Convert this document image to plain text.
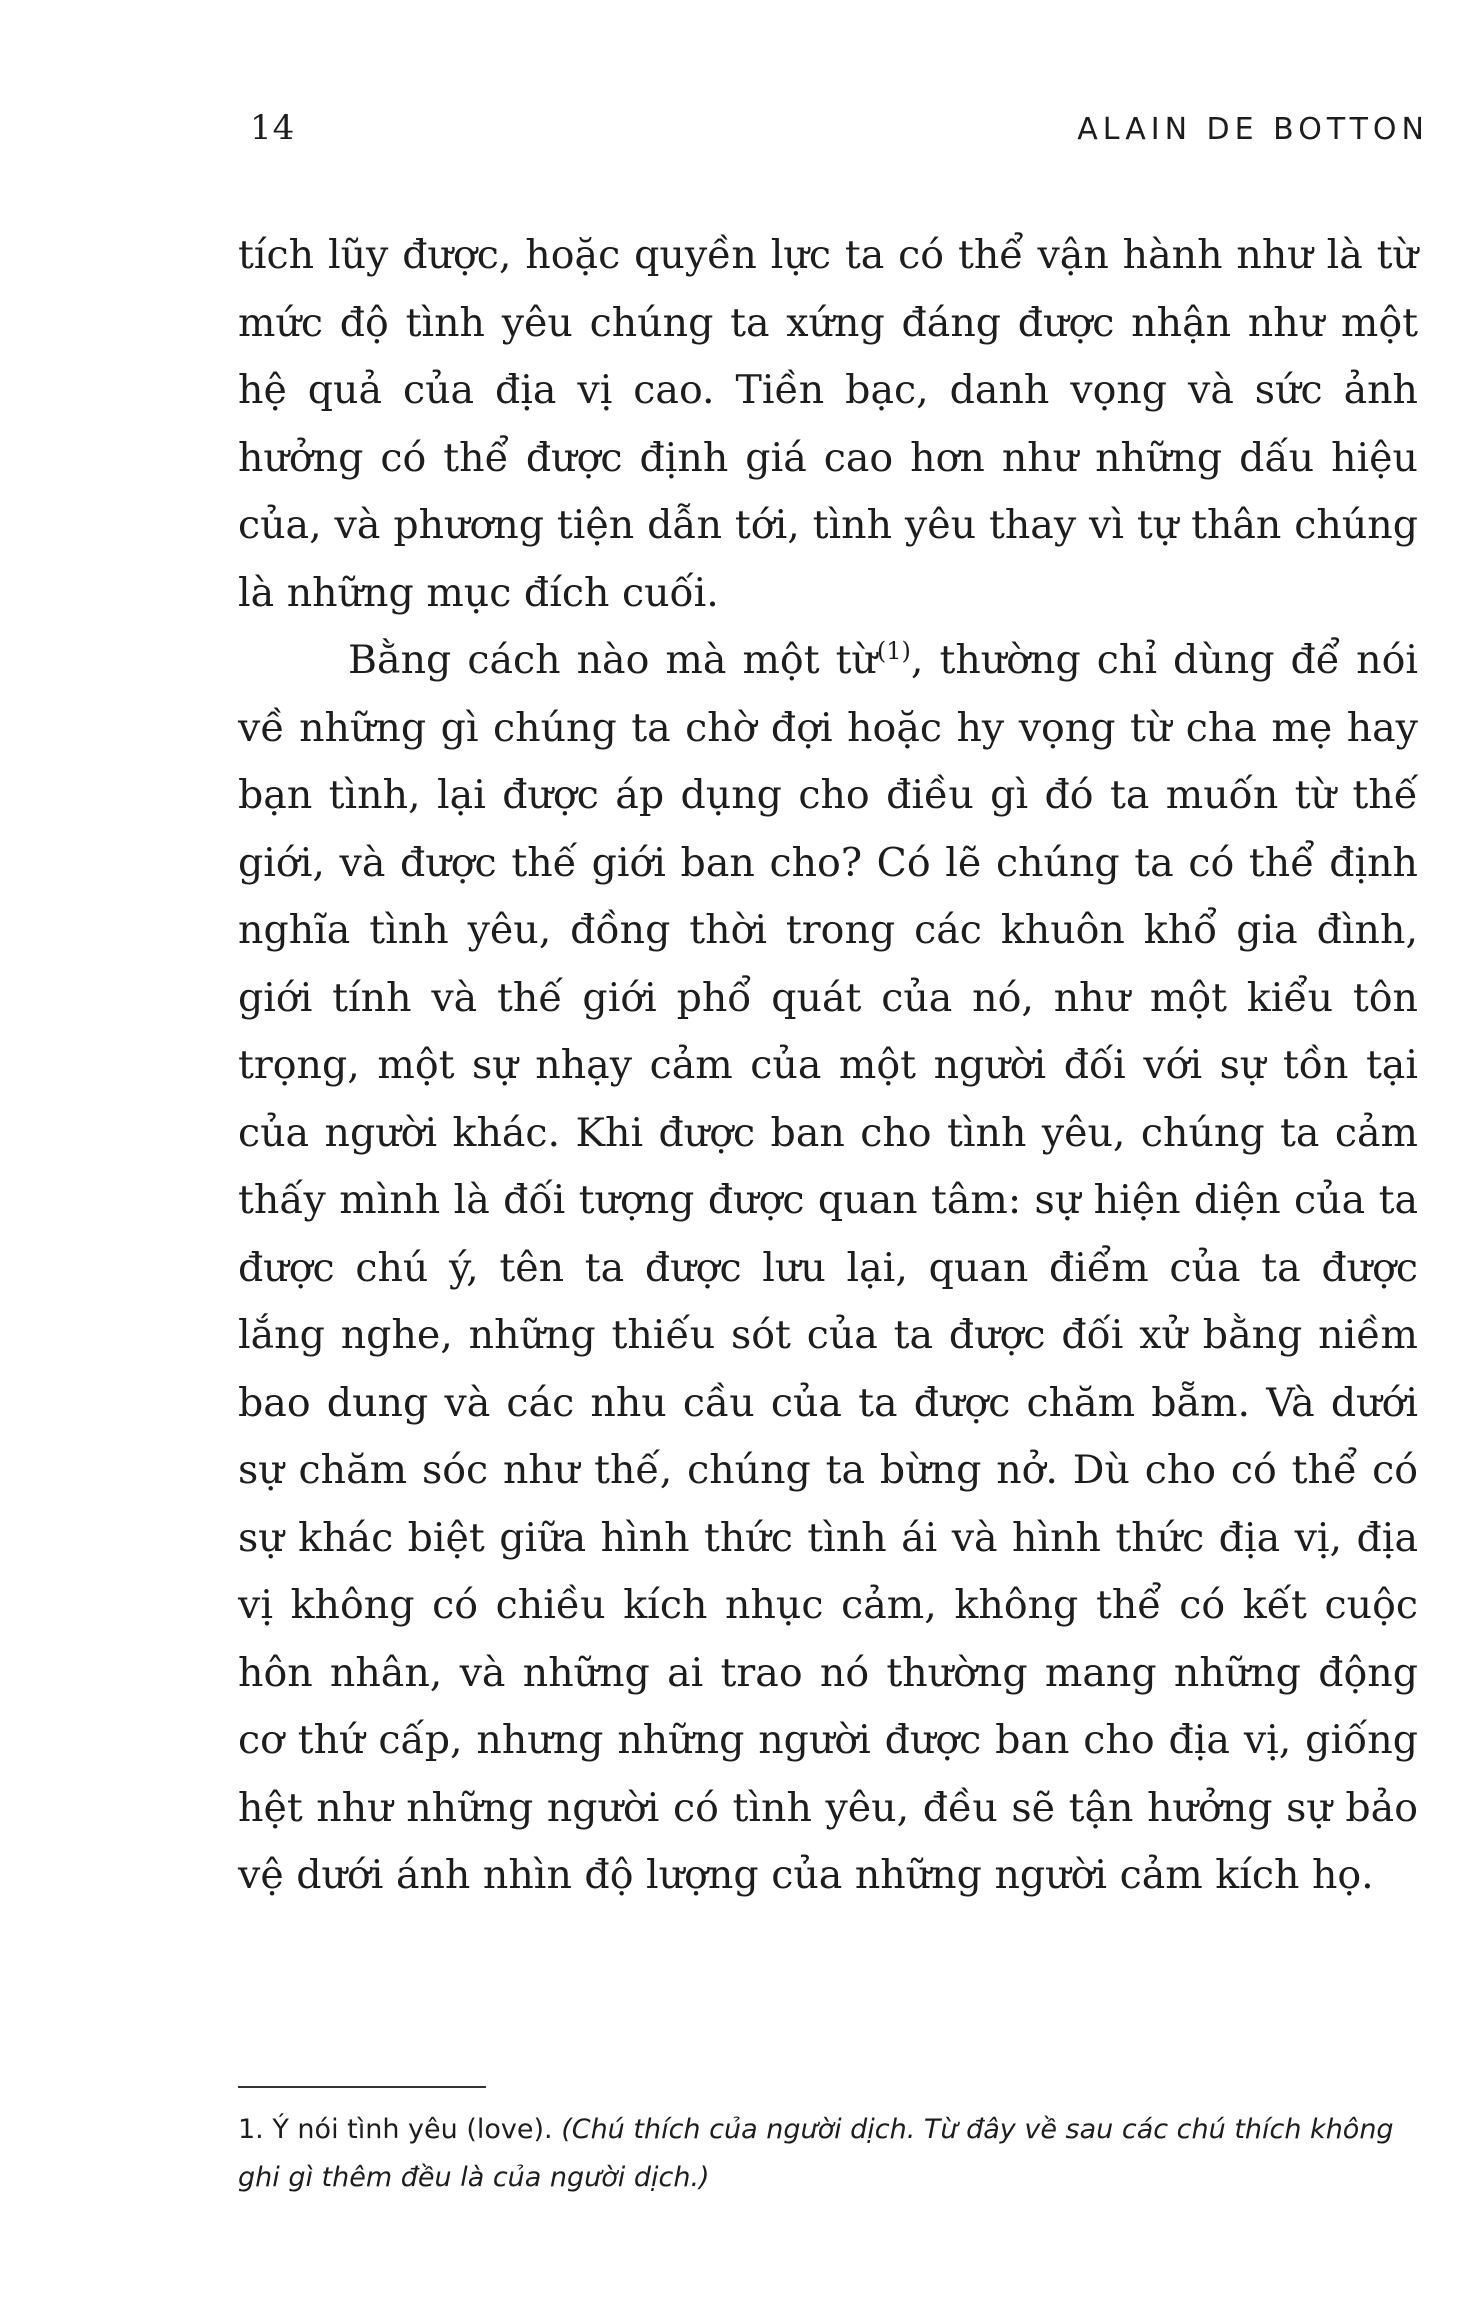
14	ALAIN DE BOTTON

tích lũy được, hoặc quyền lực ta có thể vận hành như là từ mức độ tình yêu chúng ta xứng đáng được nhận như một hệ quả của địa vị cao. Tiền bạc, danh vọng và sức ảnh hưởng có thể được định giá cao hơn như những dấu hiệu của, và phương tiện dẫn tới, tình yêu thay vì tự thân chúng là những mục đích cuối.

Bằng cách nào mà một từ$^{(1)}$, thường chỉ dùng để nói về những gì chúng ta chờ đợi hoặc hy vọng từ cha mẹ hay bạn tình, lại được áp dụng cho điều gì đó ta muốn từ thế giới, và được thế giới ban cho? Có lẽ chúng ta có thể định nghĩa tình yêu, đồng thời trong các khuôn khổ gia đình, giới tính và thế giới phổ quát của nó, như một kiểu tôn trọng, một sự nhạy cảm của một người đối với sự tồn tại của người khác. Khi được ban cho tình yêu, chúng ta cảm thấy mình là đối tượng được quan tâm: sự hiện diện của ta được chú ý, tên ta được lưu lại, quan điểm của ta được lắng nghe, những thiếu sót của ta được đối xử bằng niềm bao dung và các nhu cầu của ta được chăm bẵm. Và dưới sự chăm sóc như thế, chúng ta bừng nở. Dù cho có thể có sự khác biệt giữa hình thức tình ái và hình thức địa vị, địa vị không có chiều kích nhục cảm, không thể có kết cuộc hôn nhân, và những ai trao nó thường mang những động cơ thứ cấp, nhưng những người được ban cho địa vị, giống hệt như những người có tình yêu, đều sẽ tận hưởng sự bảo vệ dưới ánh nhìn độ lượng của những người cảm kích họ.

1. Ý nói tình yêu (love). (Chú thích của người dịch. Từ đây về sau các chú thích không ghi gì thêm đều là của người dịch.)
